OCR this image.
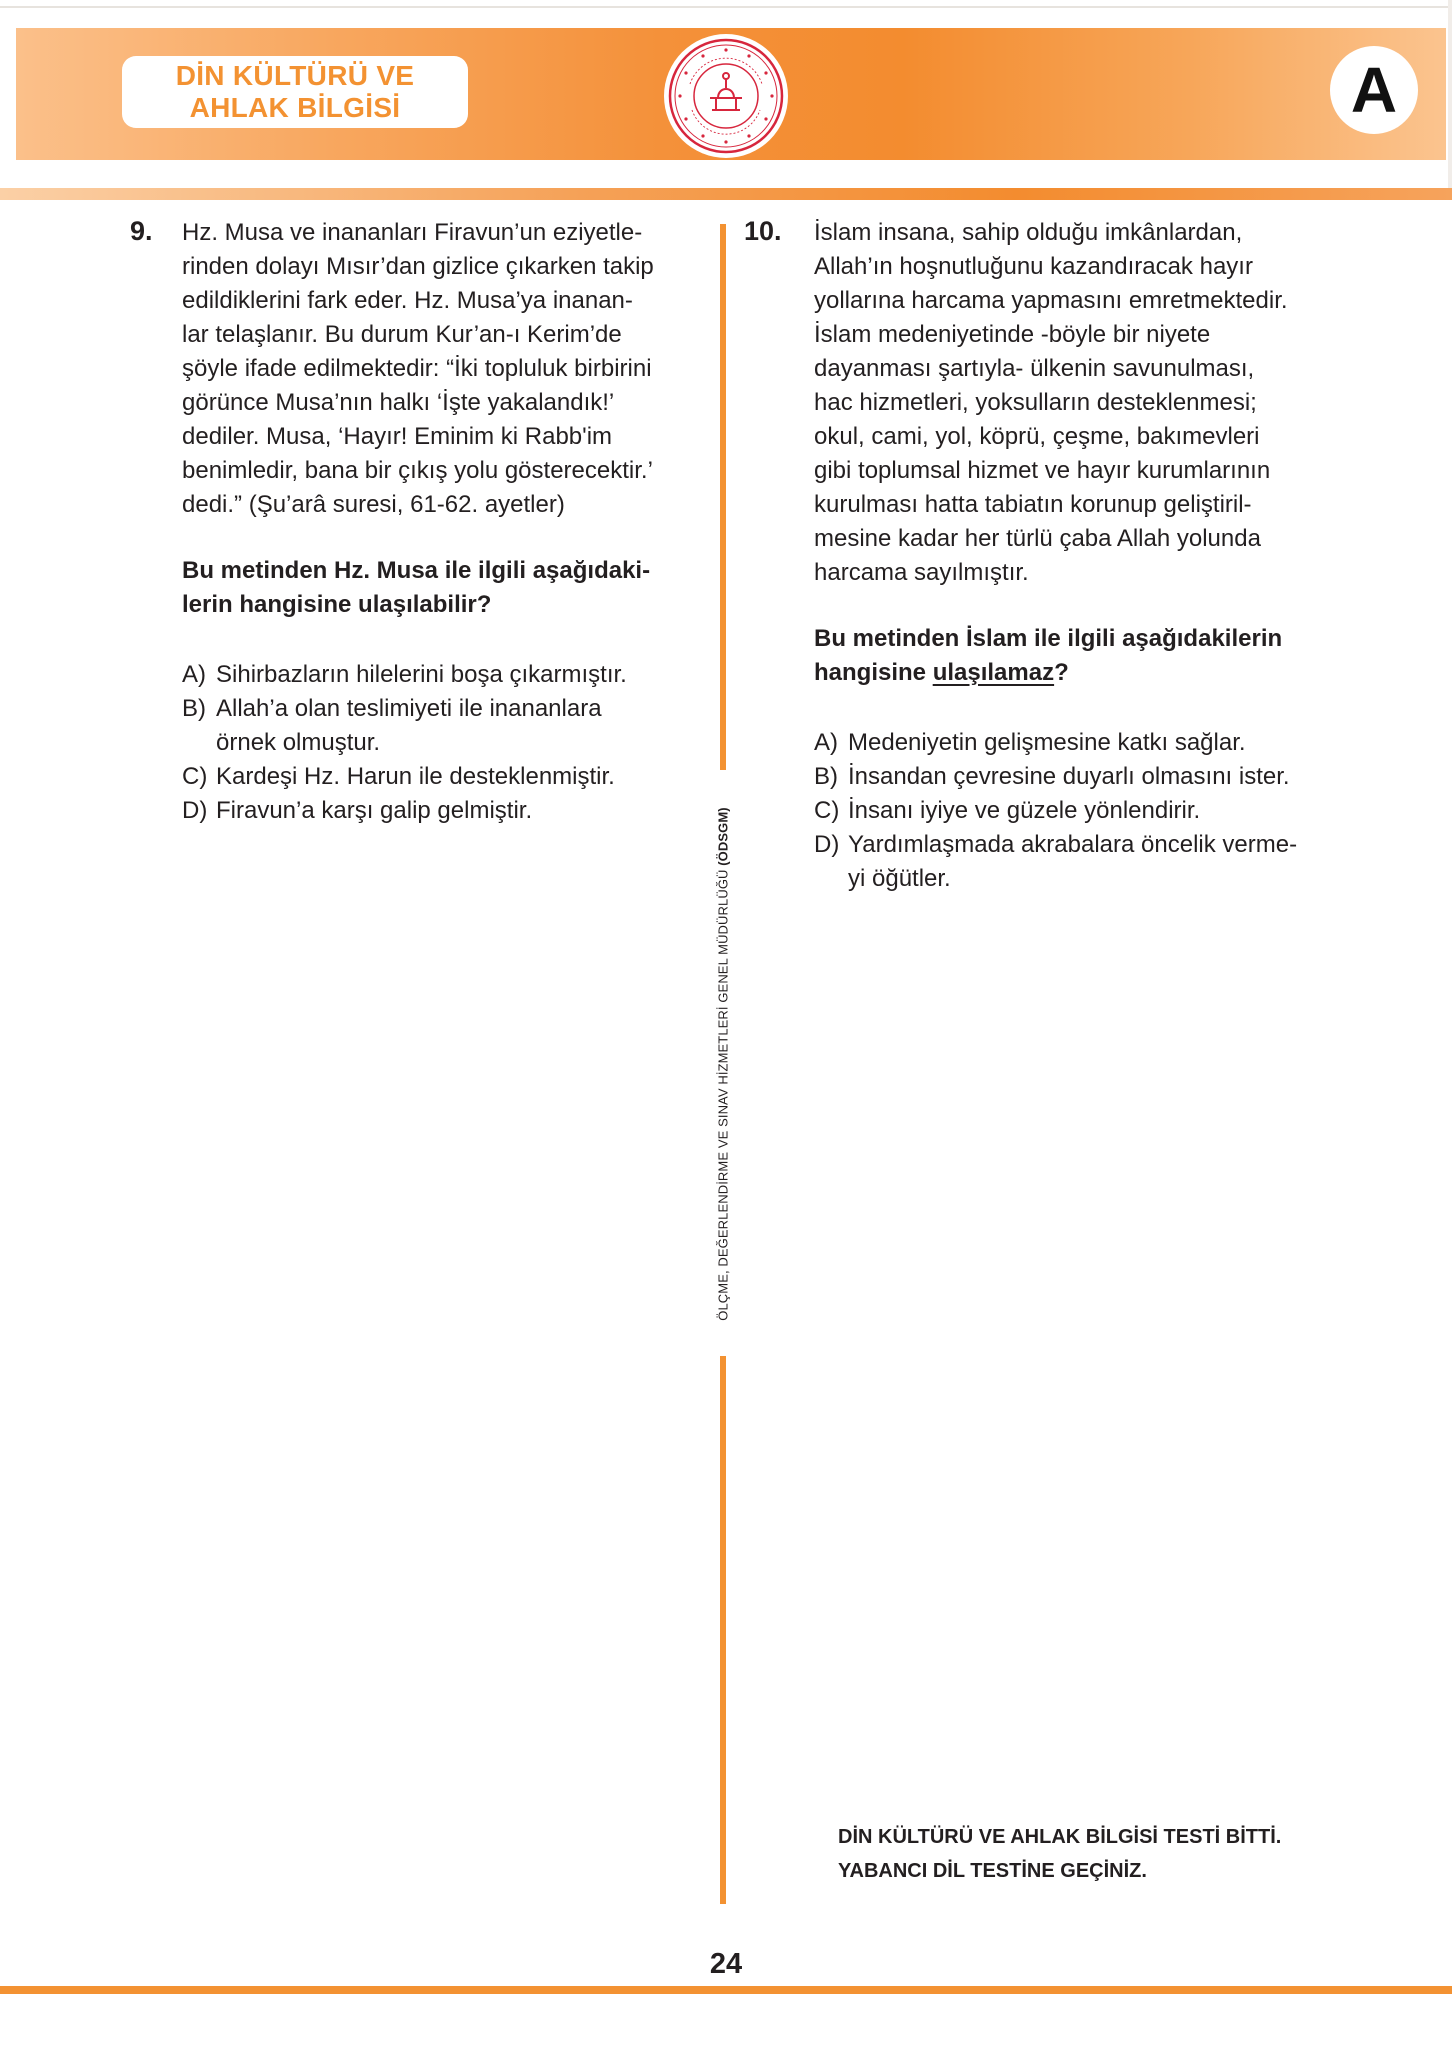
DİN KÜLTÜRÜ VE
AHLAK BİLGİSİ	A
9. Hz. Musa ve inananları Firavun’un eziyetle-
rinden dolayı Mısır’dan gizlice çıkarken takip
edildiklerini fark eder. Hz. Musa’ya inanan-
lar telaşlanır. Bu durum Kur’an-ı Kerim’de
şöyle ifade edilmektedir: “İki topluluk birbirini
görünce Musa’nın halkı ‘İşte yakalandık!’
dediler. Musa, ‘Hayır! Eminim ki Rabb'im
benimledir, bana bir çıkış yolu gösterecektir.’
dedi.” (Şu’arâ suresi, 61-62. ayetler)
Bu metinden Hz. Musa ile ilgili aşağıdaki-
lerin hangisine ulaşılabilir?
A) Sihirbazların hilelerini boşa çıkarmıştır.
B) Allah’a olan teslimiyeti ile inananlara
örnek olmuştur.
C) Kardeşi Hz. Harun ile desteklenmiştir.
D) Firavun’a karşı galip gelmiştir.
ÖLÇME, DEĞERLENDİRME VE SINAV HİZMETLERİ GENEL MÜDÜRLÜĞÜ (ÖDSGM)
10. İslam insana, sahip olduğu imkânlardan,
Allah’ın hoşnutluğunu kazandıracak hayır
yollarına harcama yapmasını emretmektedir.
İslam medeniyetinde -böyle bir niyete
dayanması şartıyla- ülkenin savunulması,
hac hizmetleri, yoksulların desteklenmesi;
okul, cami, yol, köprü, çeşme, bakımevleri
gibi toplumsal hizmet ve hayır kurumlarının
kurulması hatta tabiatın korunup geliştiril-
mesine kadar her türlü çaba Allah yolunda
harcama sayılmıştır.
Bu metinden İslam ile ilgili aşağıdakilerin
hangisine ulaşılamaz?
A) Medeniyetin gelişmesine katkı sağlar.
B) İnsandan çevresine duyarlı olmasını ister.
C) İnsanı iyiye ve güzele yönlendirir.
D) Yardımlaşmada akrabalara öncelik verme-
yi öğütler.
DİN KÜLTÜRÜ VE AHLAK BİLGİSİ TESTİ BİTTİ.
YABANCI DİL TESTİNE GEÇİNİZ.
24
